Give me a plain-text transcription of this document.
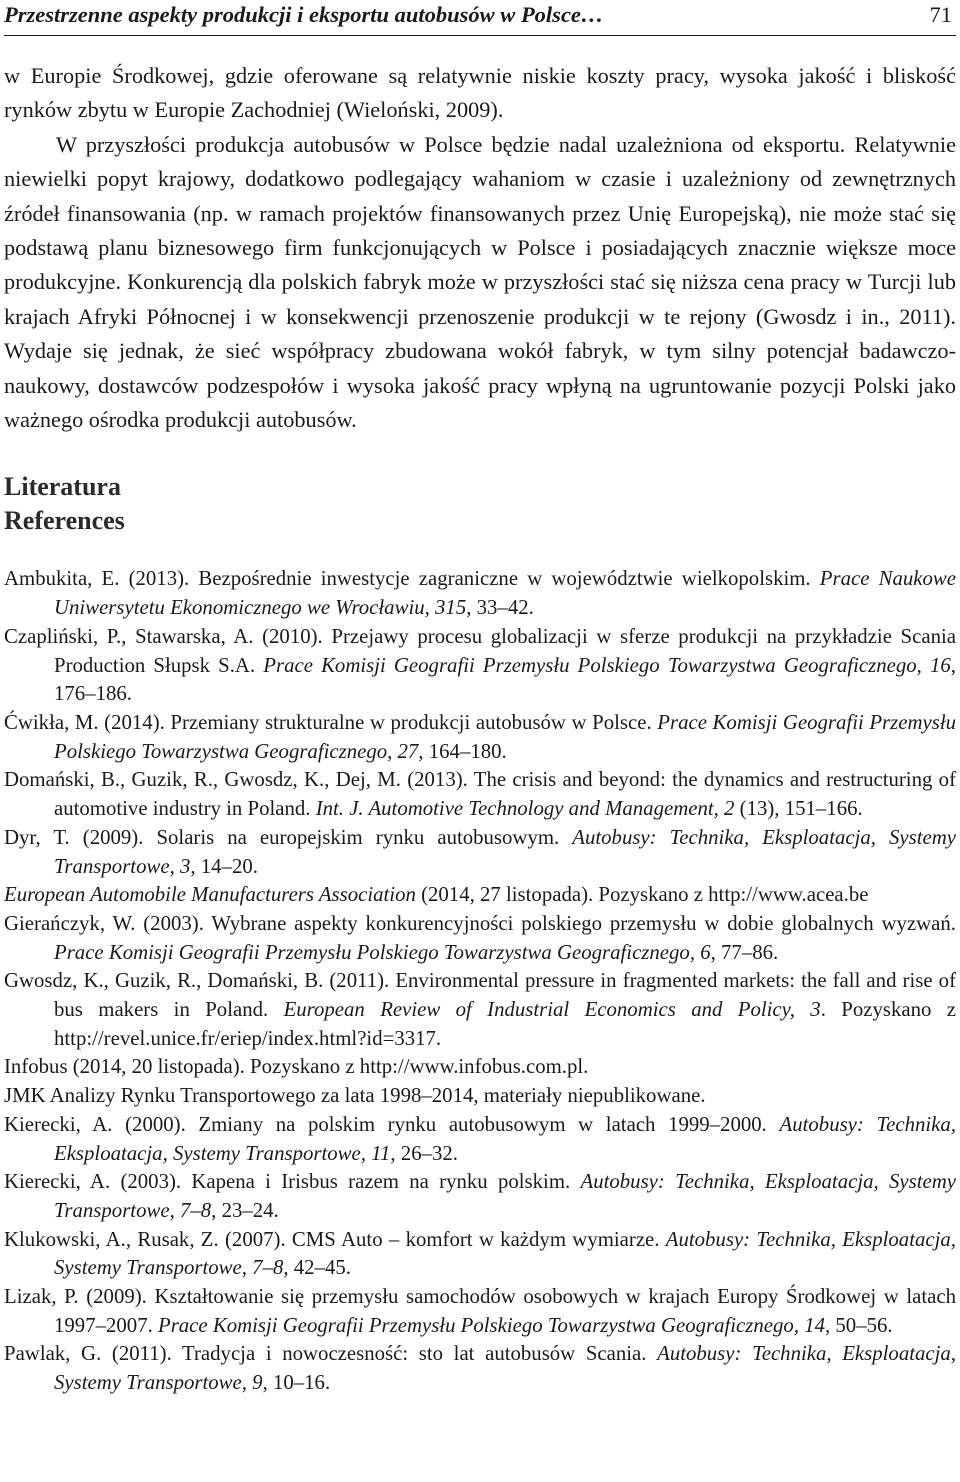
Przestrzenne aspekty produkcji i eksportu autobusów w Polsce…	71

w Europie Środkowej, gdzie oferowane są relatywnie niskie koszty pracy, wysoka jakość i bliskość rynków zbytu w Europie Zachodniej (Wieloński, 2009).

W przyszłości produkcja autobusów w Polsce będzie nadal uzależniona od eksportu. Relatywnie niewielki popyt krajowy, dodatkowo podlegający wahaniom w czasie i uzależniony od zewnętrznych źródeł finansowania (np. w ramach projektów finansowanych przez Unię Europejską), nie może stać się podstawą planu biznesowego firm funkcjonujących w Polsce i posiadających znacznie większe moce produkcyjne. Konkurencją dla polskich fabryk może w przyszłości stać się niższa cena pracy w Turcji lub krajach Afryki Północnej i w konsekwencji przenoszenie produkcji w te rejony (Gwosdz i in., 2011). Wydaje się jednak, że sieć współpracy zbudowana wokół fabryk, w tym silny potencjał badawczo-naukowy, dostawców podzespołów i wysoka jakość pracy wpłyną na ugruntowanie pozycji Polski jako ważnego ośrodka produkcji autobusów.

Literatura
References
Ambukita, E. (2013). Bezpośrednie inwestycje zagraniczne w województwie wielkopolskim. Prace Naukowe Uniwersytetu Ekonomicznego we Wrocławiu, 315, 33–42.
Czapliński, P., Stawarska, A. (2010). Przejawy procesu globalizacji w sferze produkcji na przykładzie Scania Production Słupsk S.A. Prace Komisji Geografii Przemysłu Polskiego Towarzystwa Geograficznego, 16, 176–186.
Ćwikła, M. (2014). Przemiany strukturalne w produkcji autobusów w Polsce. Prace Komisji Geografii Przemysłu Polskiego Towarzystwa Geograficznego, 27, 164–180.
Domański, B., Guzik, R., Gwosdz, K., Dej, M. (2013). The crisis and beyond: the dynamics and restructuring of automotive industry in Poland. Int. J. Automotive Technology and Management, 2 (13), 151–166.
Dyr, T. (2009). Solaris na europejskim rynku autobusowym. Autobusy: Technika, Eksploatacja, Systemy Transportowe, 3, 14–20.
European Automobile Manufacturers Association (2014, 27 listopada). Pozyskano z http://www.acea.be
Gierańczyk, W. (2003). Wybrane aspekty konkurencyjności polskiego przemysłu w dobie globalnych wyzwań. Prace Komisji Geografii Przemysłu Polskiego Towarzystwa Geograficznego, 6, 77–86.
Gwosdz, K., Guzik, R., Domański, B. (2011). Environmental pressure in fragmented markets: the fall and rise of bus makers in Poland. European Review of Industrial Economics and Policy, 3. Pozyskano z http://revel.unice.fr/eriep/index.html?id=3317.
Infobus (2014, 20 listopada). Pozyskano z http://www.infobus.com.pl.
JMK Analizy Rynku Transportowego za lata 1998–2014, materiały niepublikowane.
Kierecki, A. (2000). Zmiany na polskim rynku autobusowym w latach 1999–2000. Autobusy: Technika, Eksploatacja, Systemy Transportowe, 11, 26–32.
Kierecki, A. (2003). Kapena i Irisbus razem na rynku polskim. Autobusy: Technika, Eksploatacja, Systemy Transportowe, 7–8, 23–24.
Klukowski, A., Rusak, Z. (2007). CMS Auto – komfort w każdym wymiarze. Autobusy: Technika, Eksploatacja, Systemy Transportowe, 7–8, 42–45.
Lizak, P. (2009). Kształtowanie się przemysłu samochodów osobowych w krajach Europy Środkowej w latach 1997–2007. Prace Komisji Geografii Przemysłu Polskiego Towarzystwa Geograficznego, 14, 50–56.
Pawlak, G. (2011). Tradycja i nowoczesność: sto lat autobusów Scania. Autobusy: Technika, Eksploatacja, Systemy Transportowe, 9, 10–16.
